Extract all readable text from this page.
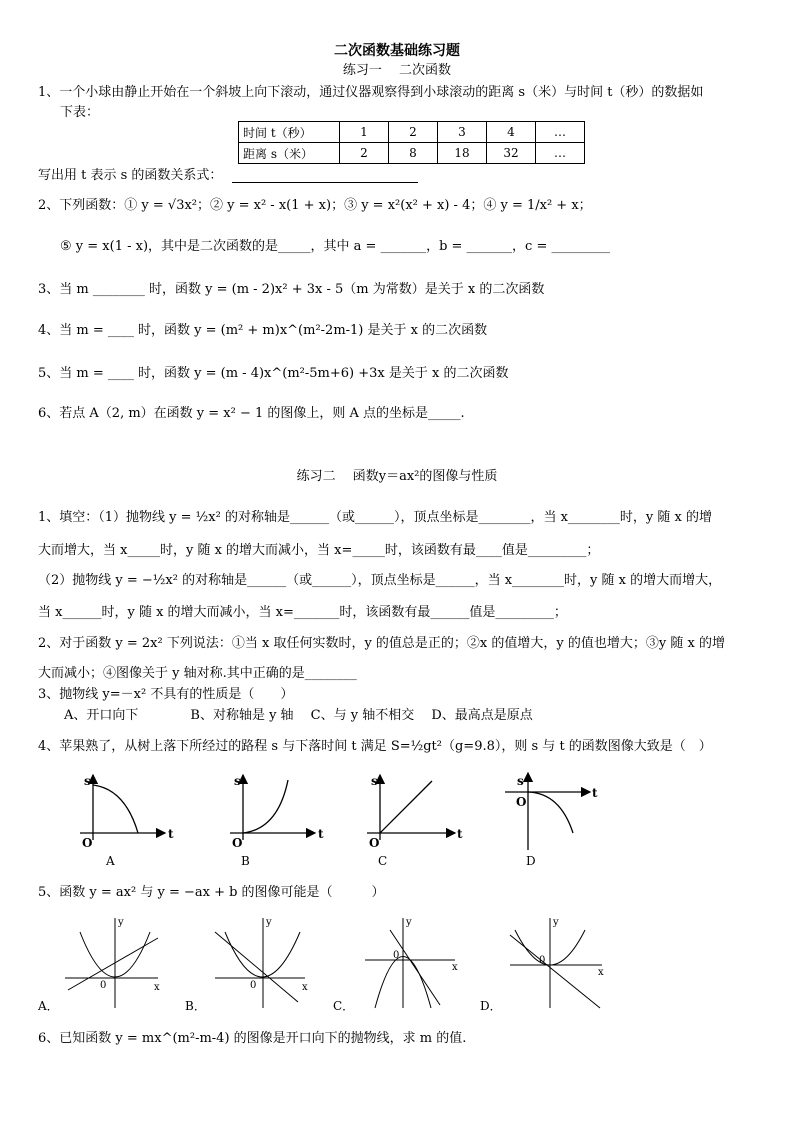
二次函数基础练习题
练习一　 二次函数
1、一个小球由静止开始在一个斜坡上向下滚动，通过仪器观察得到小球滚动的距离 s（米）与时间 t（秒）的数据如
下表：
时间 t（秒）	1	2	3	4	…
距离 s（米）	2	8	18	32	…
写出用 t 表示 s 的函数关系式：
2、下列函数：① y = √3x²；② y = x² - x(1 + x)；③ y = x²(x² + x) - 4；④ y = 1/x² + x；
⑤ y = x(1 - x)，其中是二次函数的是_____，其中 a = _______，b = _______，c = _________
3、当 m ________ 时，函数 y = (m - 2)x² + 3x - 5（m 为常数）是关于 x 的二次函数
4、当 m = ____ 时，函数 y = (m² + m)x^(m²-2m-1) 是关于 x 的二次函数
5、当 m = ____ 时，函数 y = (m - 4)x^(m²-5m+6) +3x 是关于 x 的二次函数
6、若点 A（2, m）在函数 y = x² − 1 的图像上，则 A 点的坐标是_____.
练习二　 函数y＝ax²的图像与性质
1、填空：（1）抛物线 y = ½x² 的对称轴是______（或______），顶点坐标是________，当 x________时，y 随 x 的增
大而增大，当 x_____时，y 随 x 的增大而减小，当 x=_____时，该函数有最____值是_________；
（2）抛物线 y = −½x² 的对称轴是______（或______），顶点坐标是______，当 x________时，y 随 x 的增大而增大，
当 x______时，y 随 x 的增大而减小，当 x=_______时，该函数有最______值是_________；
2、对于函数 y = 2x² 下列说法：①当 x 取任何实数时，y 的值总是正的；②x 的值增大，y 的值也增大；③y 随 x 的增
大而减小；④图像关于 y 轴对称.其中正确的是________
3、抛物线 y=－x² 不具有的性质是（　　）
A、开口向下　　　　B、对称轴是 y 轴　 C、与 y 轴不相交　 D、最高点是原点
4、苹果熟了，从树上落下所经过的路程 s 与下落时间 t 满足 S=½gt²（g=9.8），则 s 与 t 的函数图像大致是（　）
s
t
O
A
s
t
O
B
s
t
O
C
s
t
O
D
5、函数 y = ax² 与 y = −ax + b 的图像可能是（　　　）
y
x
0
A．
y
x
0
B．
y
x
0
C．
y
x
0
D．
6、已知函数 y = mx^(m²-m-4) 的图像是开口向下的抛物线，求 m 的值.
